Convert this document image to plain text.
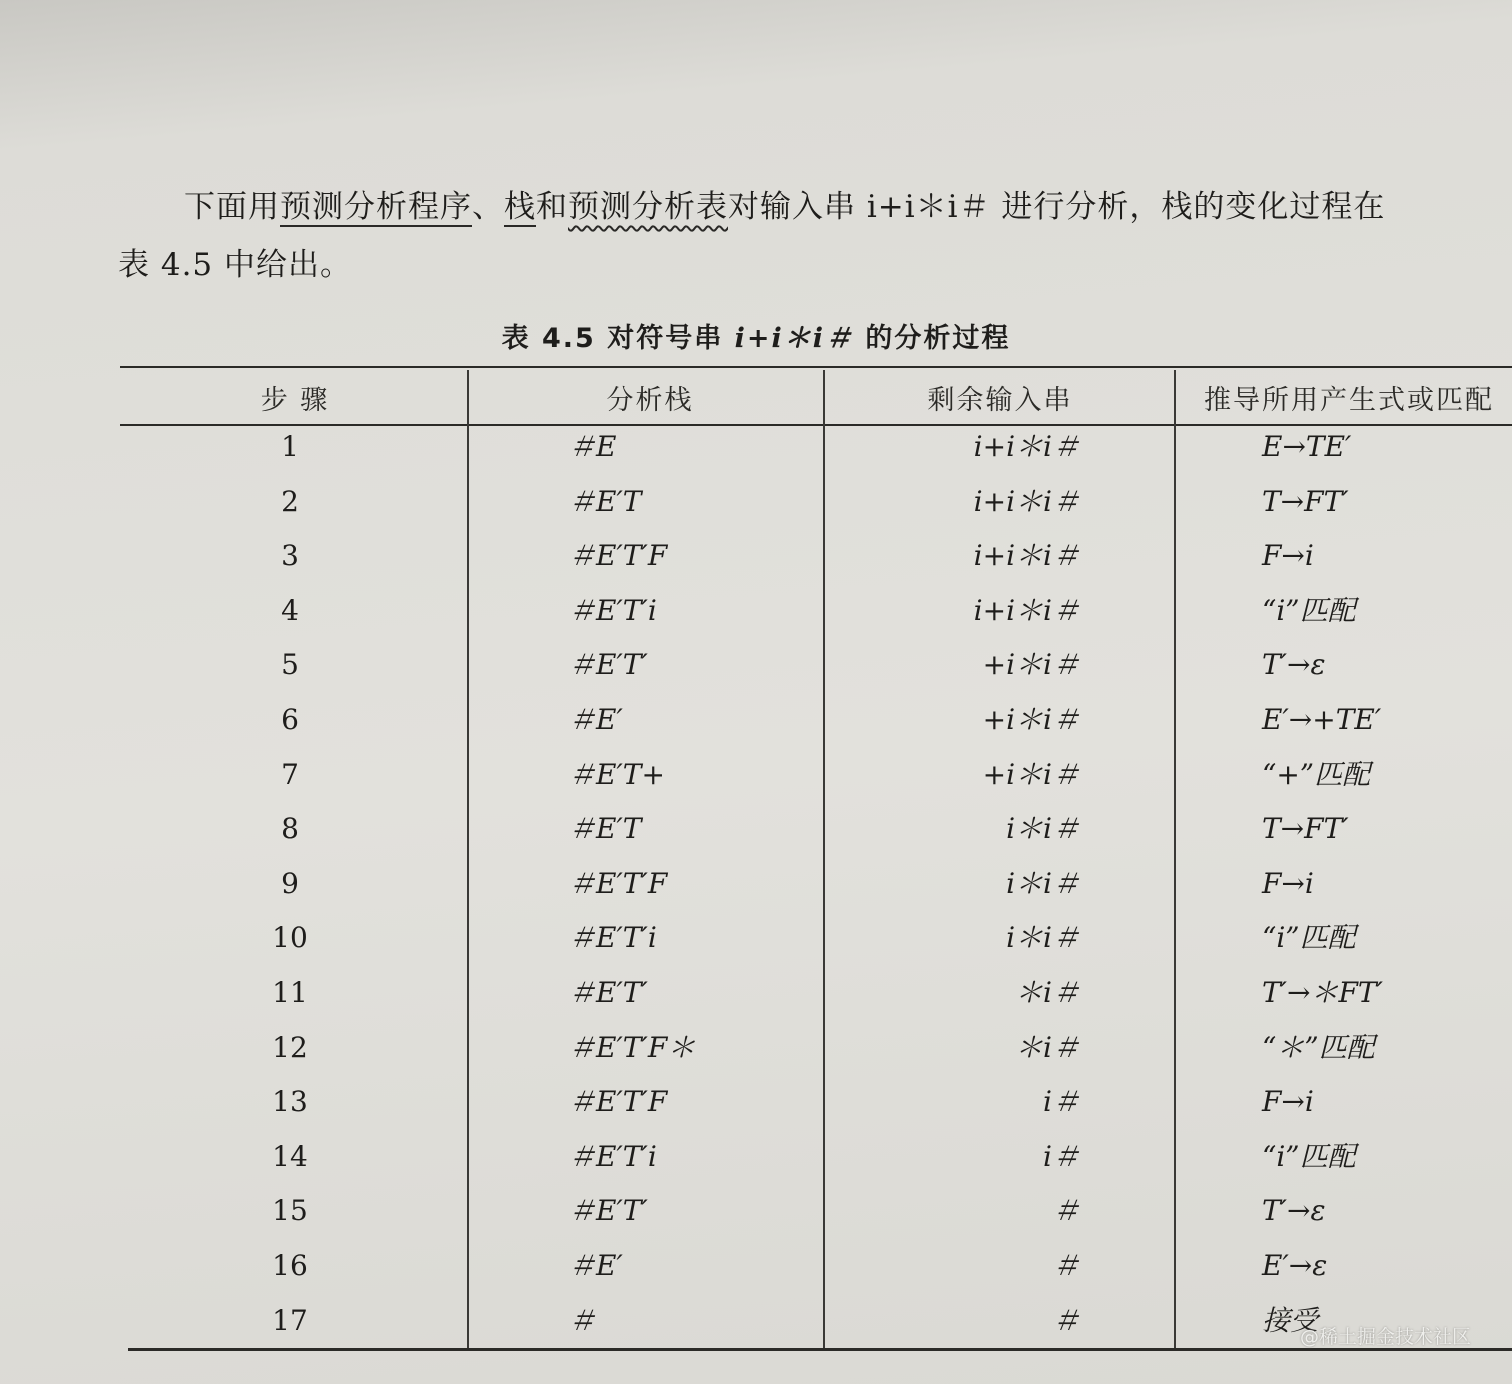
下面用预测分析程序、栈和预测分析表对输入串 i+i＊i＃ 进行分析，栈的变化过程在
表 4.5 中给出。
表 4.5 对符号串 i+i＊i＃ 的分析过程
步 骤	分析栈	剩余输入串	推导所用产生式或匹配
1	＃E	i+i＊i＃	E→TE′
2	＃E′T	i+i＊i＃	T→FT′
3	＃E′T′F	i+i＊i＃	F→i
4	＃E′T′i	i+i＊i＃	“i”匹配
5	＃E′T′	+i＊i＃	T′→ε
6	＃E′	+i＊i＃	E′→+TE′
7	＃E′T+	+i＊i＃	“+”匹配
8	＃E′T	i＊i＃	T→FT′
9	＃E′T′F	i＊i＃	F→i
10	＃E′T′i	i＊i＃	“i”匹配
11	＃E′T′	＊i＃	T′→＊FT′
12	＃E′T′F＊	＊i＃	“＊”匹配
13	＃E′T′F	i＃	F→i
14	＃E′T′i	i＃	“i”匹配
15	＃E′T′	＃	T′→ε
16	＃E′	＃	E′→ε
17	＃	＃	接受
@稀土掘金技术社区
